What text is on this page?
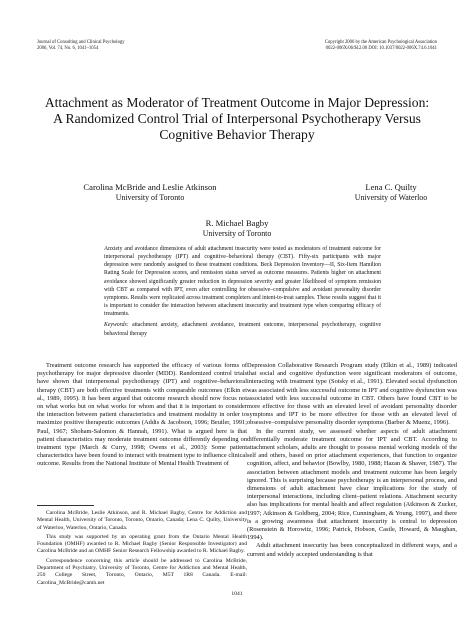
Journal of Consulting and Clinical Psychology
2006, Vol. 74, No. 6, 1041–1054
Copyright 2006 by the American Psychological Association
0022-006X/06/$12.00 DOI: 10.1037/0022-006X.74.6.1041
Attachment as Moderator of Treatment Outcome in Major Depression:
A Randomized Control Trial of Interpersonal Psychotherapy Versus
Cognitive Behavior Therapy
Carolina McBride and Leslie Atkinson
University of Toronto
Lena C. Quilty
University of Waterloo
R. Michael Bagby
University of Toronto

Anxiety and avoidance dimensions of adult attachment insecurity were tested as moderators of treatment outcome for interpersonal psychotherapy (IPT) and cognitive–behavioral therapy (CBT). Fifty-six participants with major depression were randomly assigned to these treatment conditions. Beck Depression Inventory—II, Six-Item Hamilton Rating Scale for Depression scores, and remission status served as outcome measures. Patients higher on attachment avoidance showed significantly greater reduction in depression severity and greater likelihood of symptom remission with CBT as compared with IPT, even after controlling for obsessive–compulsive and avoidant personality disorder symptoms. Results were replicated across treatment completers and intent-to-treat samples. These results suggest that it is important to consider the interaction between attachment insecurity and treatment type when comparing efficacy of treatments.

Keywords: attachment anxiety, attachment avoidance, treatment outcome, interpersonal psychotherapy, cognitive behavioral therapy

Treatment outcome research has supported the efficacy of various forms of psychotherapy for major depressive disorder (MDD). Randomized control trials have shown that interpersonal psychotherapy (IPT) and cognitive–behavioral therapy (CBT) are both effective treatments with comparable outcomes (Elkin et al., 1989, 1995). It has been argued that outcome research should now focus not on what works but on what works for whom and that it is important to consider the interaction between patient characteristics and treatment modality in order to maximize positive therapeutic outcomes (Addis & Jacobson, 1996; Beutler, 1991; Paul, 1967; Shoham-Salomon & Hannah, 1991). What is argued here is that patient characteristics may moderate treatment outcome differently depending on treatment type (March & Curry, 1998; Owens et al., 2003): Some patient characteristics have been found to interact with treatment type to influence clinical outcome. Results from the National Institute of Mental Health Treatment of

Carolina McBride, Leslie Atkinson, and R. Michael Bagby, Centre for Addiction and Mental Health, University of Toronto, Toronto, Ontario, Canada; Lena C. Quilty, University of Waterloo, Waterloo, Ontario, Canada.

This study was supported by an operating grant from the Ontario Mental Health Foundation (OMHF) awarded to R. Michael Bagby (Senior Responsible Investigator) and Carolina McBride and an OMHF Senior Research Fellowship awarded to R. Michael Bagby.

Correspondence concerning this article should be addressed to Carolina McBride, Department of Psychiatry, University of Toronto, Centre for Addiction and Mental Health, 250 College Street, Toronto, Ontario, M5T 1R8 Canada. E-mail: Carolina_McBride@camh.net

Depression Collaborative Research Program study (Elkin et al., 1989) indicated that social and cognitive dysfunction were significant moderators of outcome, interacting with treatment type (Sotsky et al., 1991). Elevated social dysfunction was associated with less successful outcome in IPT and cognitive dysfunction was associated with less successful outcome in CBT. Others have found CBT to be more effective for those with an elevated level of avoidant personality disorder symptoms and IPT to be more effective for those with an elevated level of obsessive–compulsive personality disorder symptoms (Barber & Muenz, 1996).

In the current study, we assessed whether aspects of adult attachment differentially moderate treatment outcome for IPT and CBT. According to attachment scholars, adults are thought to possess mental working models of the self and others, based on prior attachment experiences, that function to organize cognition, affect, and behavior (Bowlby, 1980, 1988; Hazan & Shaver, 1987). The association between attachment models and treatment outcome has been largely ignored. This is surprising because psychotherapy is an interpersonal process, and dimensions of adult attachment have clear implications for the study of interpersonal interactions, including client–patient relations. Attachment security also has implications for mental health and affect regulation (Atkinson & Zucker, 1997; Atkinson & Goldberg, 2004; Rice, Cunningham, & Young, 1997), and there is a growing awareness that attachment insecurity is central to depression (Rosenstein & Horowitz, 1996; Patrick, Hobson, Castle, Howard, & Maughan, 1994).

Adult attachment insecurity has been conceptualized in different ways, and a current and widely accepted understanding is that

1041
